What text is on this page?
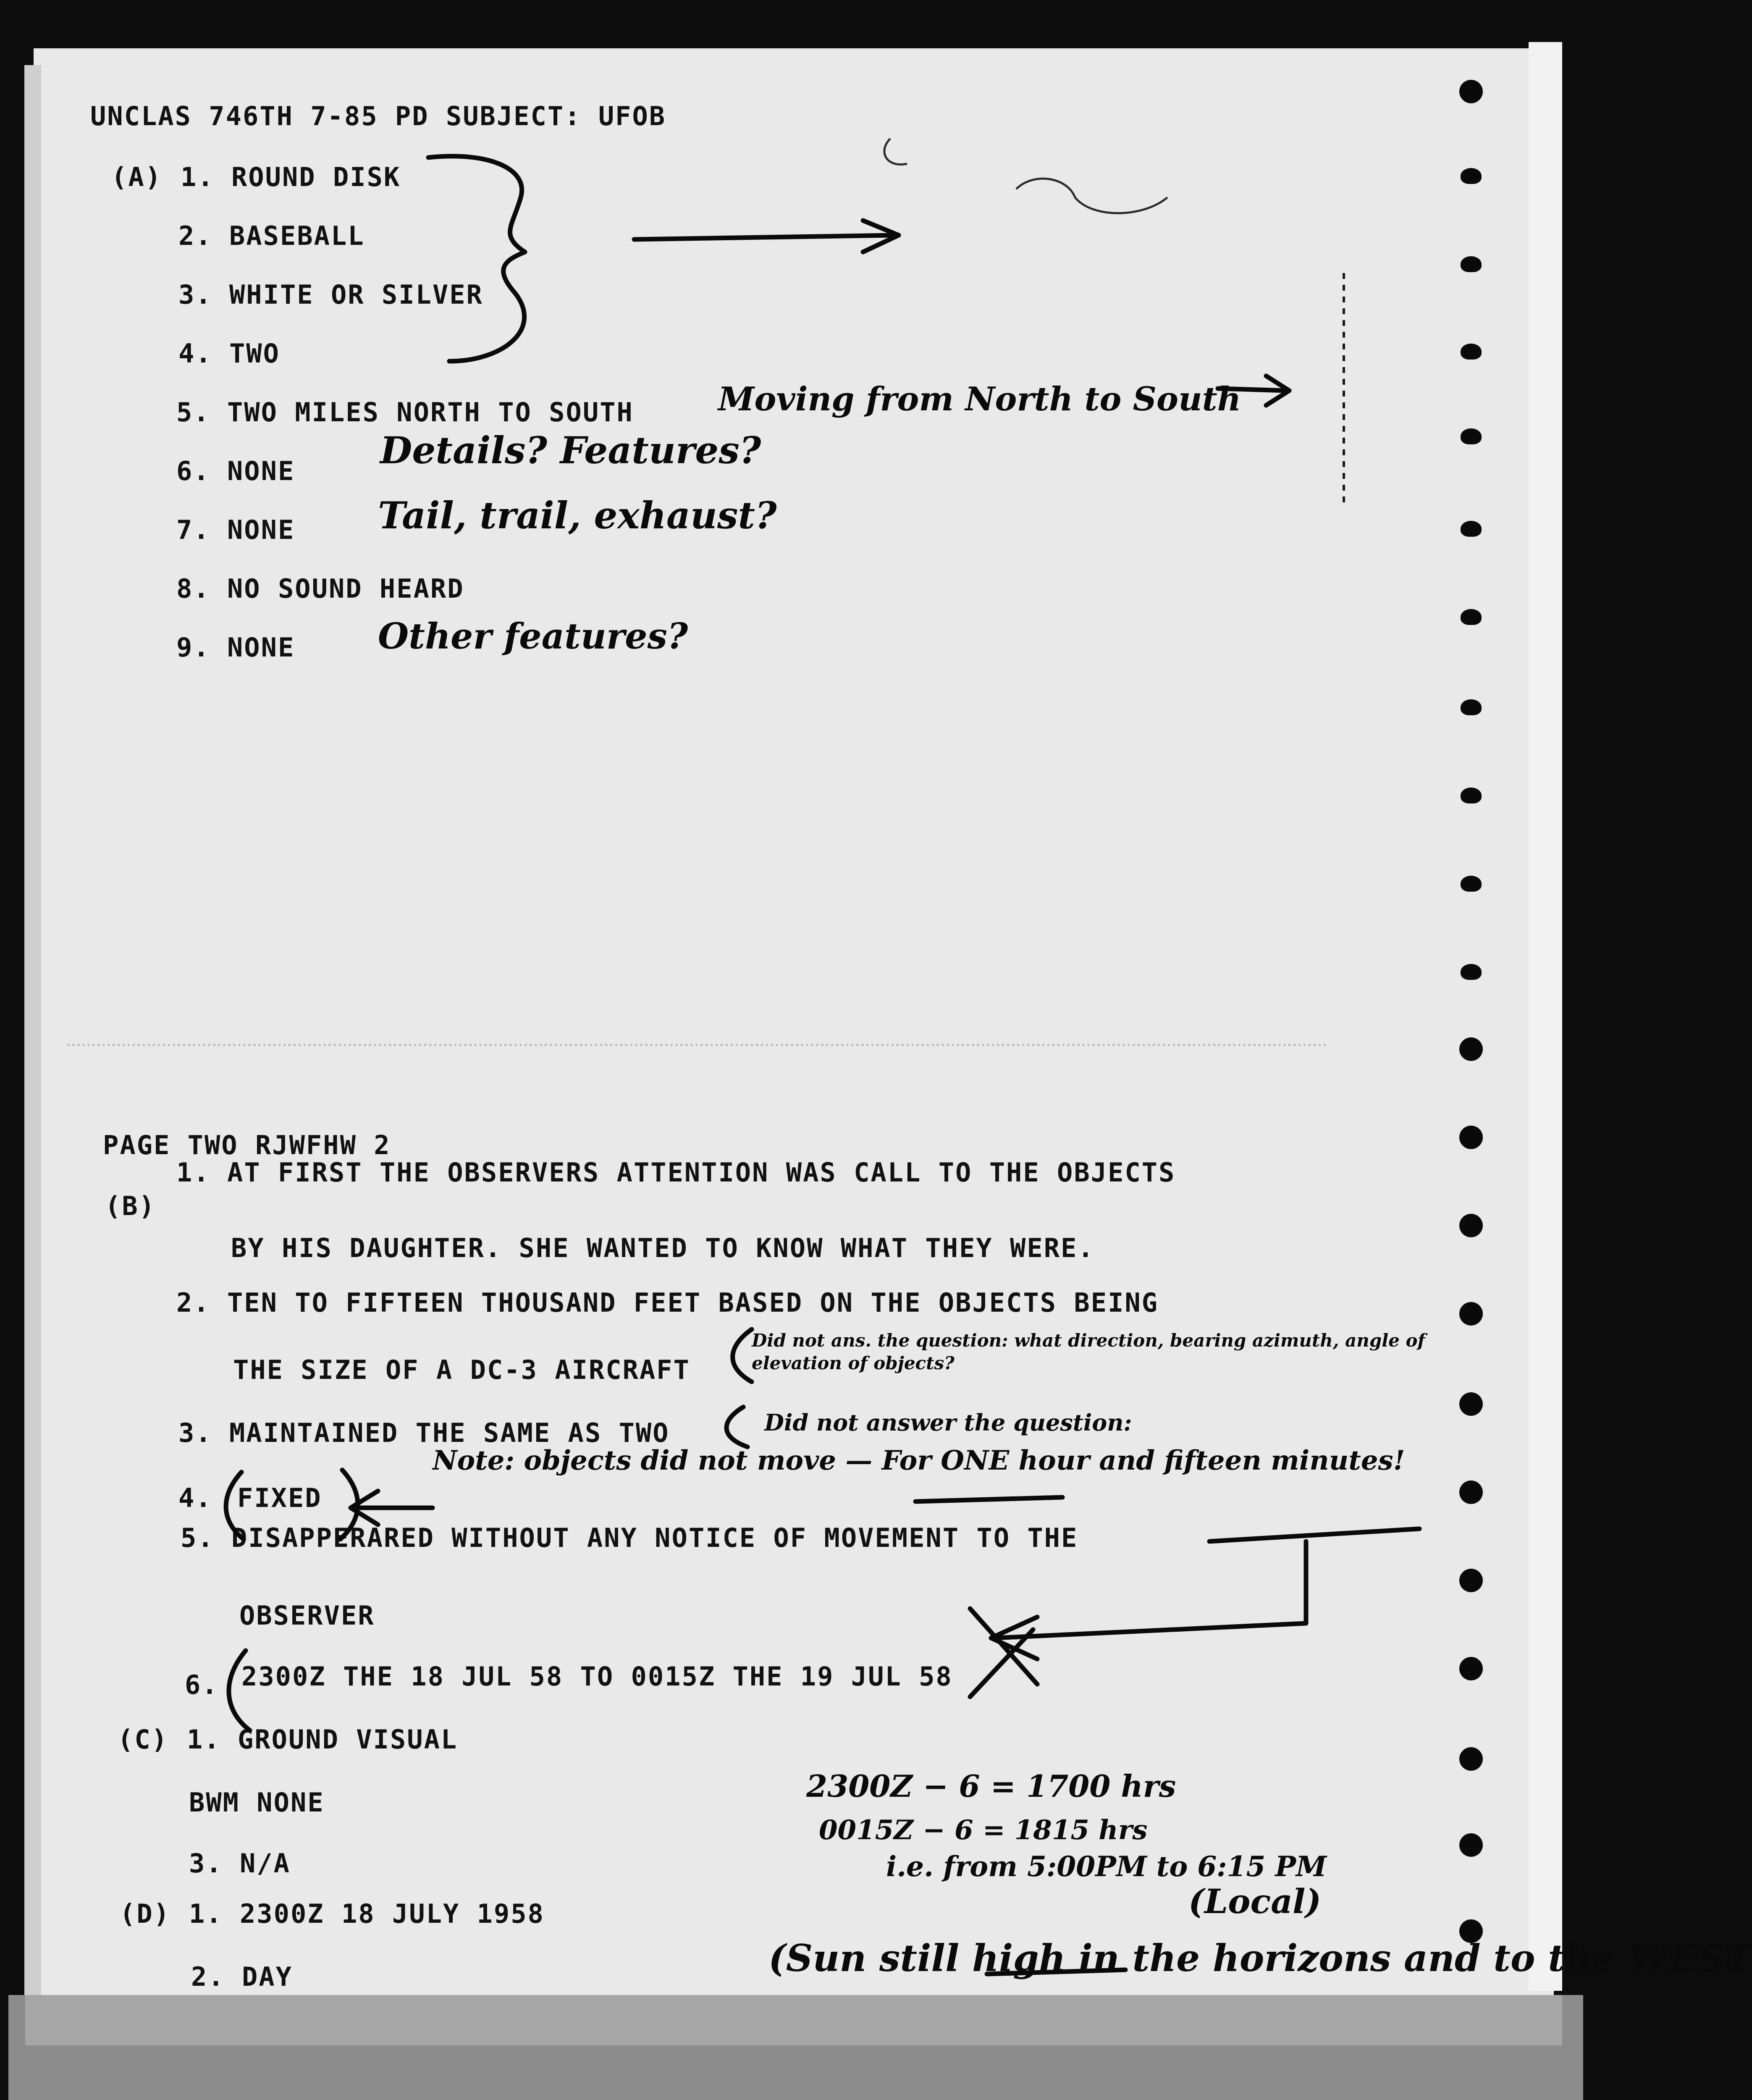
UNCLAS 746TH 7-85 PD SUBJECT: UFOB
(A) 1. ROUND DISK
2. BASEBALL
3. WHITE OR SILVER
4. TWO
5. TWO MILES NORTH TO SOUTH
6. NONE
7. NONE
8. NO SOUND HEARD
9. NONE
PAGE TWO RJWFHW 2
(B)
1. AT FIRST THE OBSERVERS ATTENTION WAS CALL TO THE OBJECTS
BY HIS DAUGHTER. SHE WANTED TO KNOW WHAT THEY WERE.
2. TEN TO FIFTEEN THOUSAND FEET BASED ON THE OBJECTS BEING
THE SIZE OF A DC-3 AIRCRAFT
3. MAINTAINED THE SAME AS TWO
4. FIXED
5. DISAPPERARED WITHOUT ANY NOTICE OF MOVEMENT TO THE
OBSERVER
6. 2300Z THE 18 JUL 58 TO 0015Z THE 19 JUL 58
(C) 1. GROUND VISUAL
BWM NONE
3. N/A
(D) 1. 2300Z 18 JULY 1958
2. DAY
Moving from North to South
Details? Features?
Tail, trail, exhaust?
Other features?
Did not ans. the question: what direction, bearing azimuth, angle of elevation of objects?
Did not answer the question:
Note: objects did not move — For ONE hour and fifteen minutes!
2300Z − 6 = 1700 hrs
0015Z − 6 = 1815 hrs
i.e. from 5:00PM to 6:15 PM
(Local)
(Sun still high in the horizons and to the WEST
